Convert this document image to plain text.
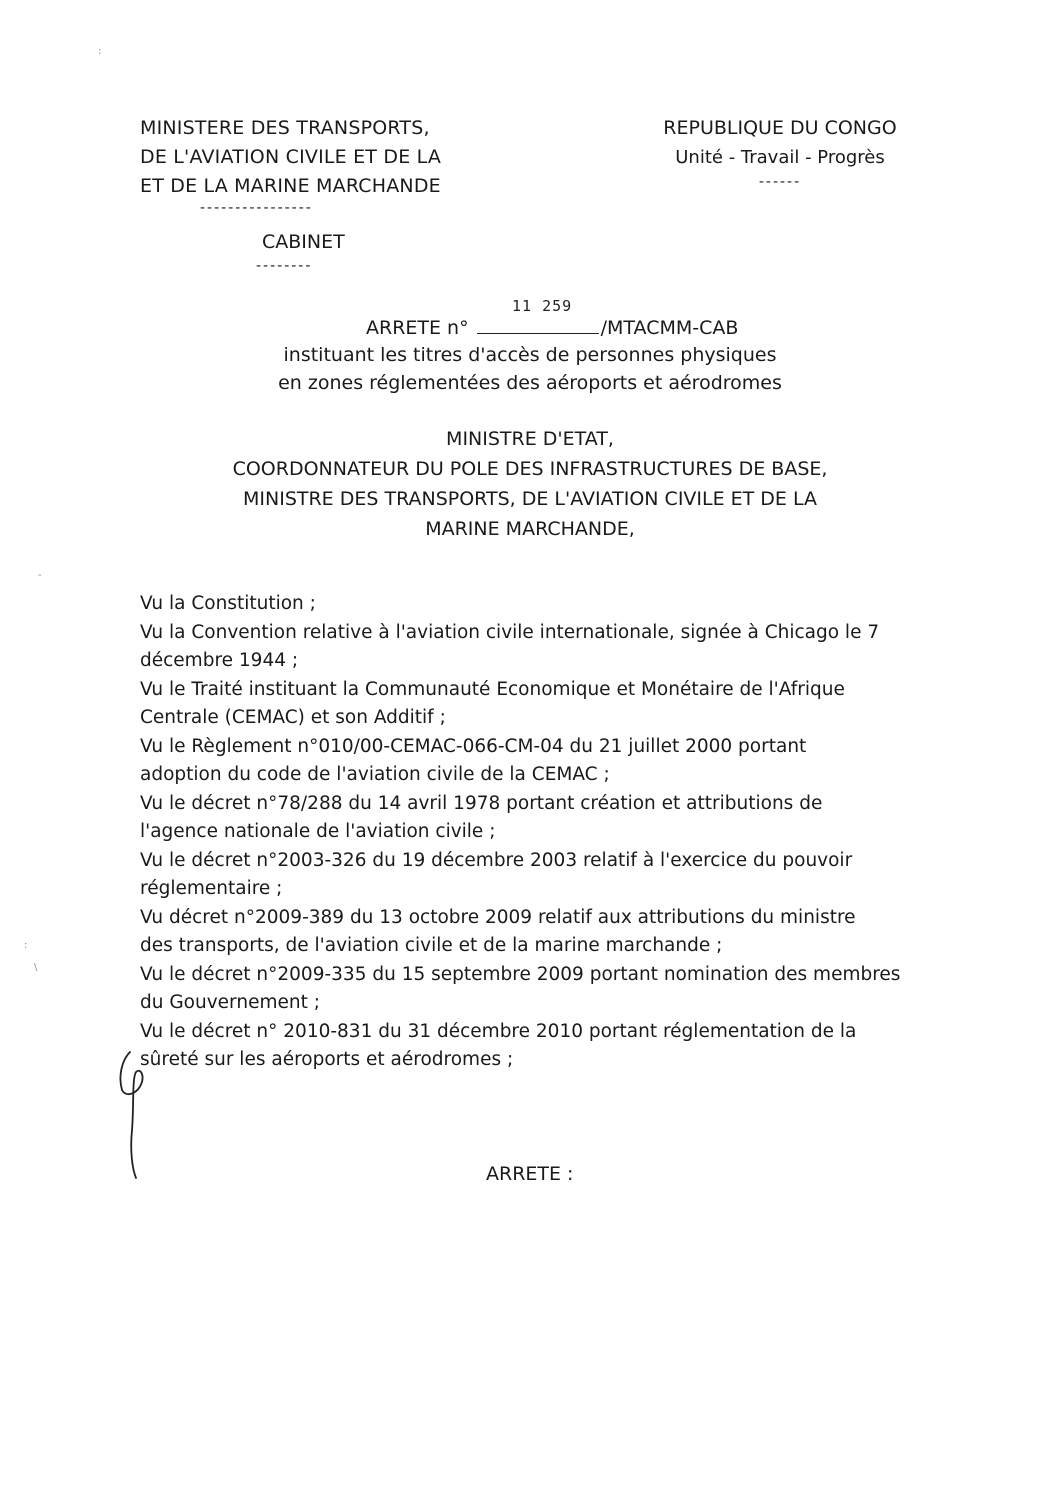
:
-
:
\
MINISTERE DES TRANSPORTS,
DE L'AVIATION CIVILE ET DE LA
ET DE LA MARINE MARCHANDE
----------------
CABINET
--------
REPUBLIQUE DU CONGO
Unité - Travail - Progrès
------
11 259
ARRETE n°	/MTACMM-CAB
instituant les titres d'accès de personnes physiques
en zones réglementées des aéroports et aérodromes
MINISTRE D'ETAT,
COORDONNATEUR DU POLE DES INFRASTRUCTURES DE BASE,
MINISTRE DES TRANSPORTS, DE L'AVIATION CIVILE ET DE LA
MARINE MARCHANDE,
Vu la Constitution ;
Vu la Convention relative à l'aviation civile internationale, signée à Chicago le 7
décembre 1944 ;
Vu le Traité instituant la Communauté Economique et Monétaire de l'Afrique
Centrale (CEMAC) et son Additif ;
Vu le Règlement n°010/00-CEMAC-066-CM-04 du 21 juillet 2000 portant
adoption du code de l'aviation civile de la CEMAC ;
Vu le décret n°78/288 du 14 avril 1978 portant création et attributions de
l'agence nationale de l'aviation civile ;
Vu le décret n°2003-326 du 19 décembre 2003 relatif à l'exercice du pouvoir
réglementaire ;
Vu décret n°2009-389 du 13 octobre 2009 relatif aux attributions du ministre
des transports, de l'aviation civile et de la marine marchande ;
Vu le décret n°2009-335 du 15 septembre 2009 portant nomination des membres
du Gouvernement ;
Vu le décret n° 2010-831 du 31 décembre 2010 portant réglementation de la
sûreté sur les aéroports et aérodromes ;
ARRETE :
